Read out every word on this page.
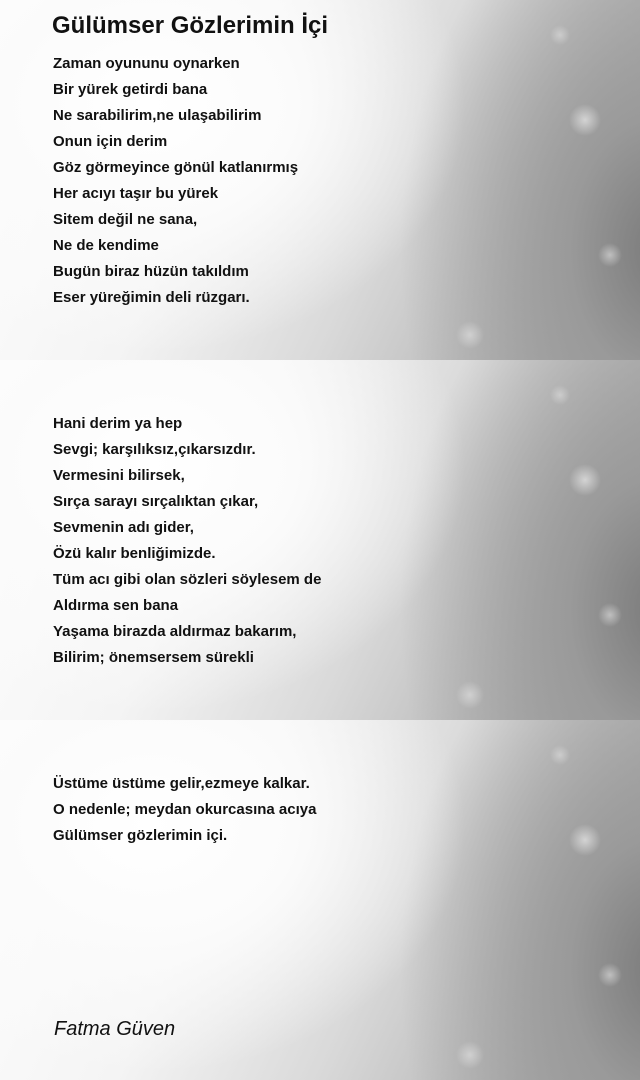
Gülümser Gözlerimin İçi
Zaman oyununu oynarken
Bir yürek getirdi bana
Ne sarabilirim,ne ulaşabilirim
Onun için derim
Göz görmeyince gönül katlanırmış
Her acıyı taşır bu yürek
Sitem değil ne sana,
Ne de kendime
Bugün biraz hüzün takıldım
Eser yüreğimin deli rüzgarı.
Hani derim ya hep
Sevgi; karşılıksız,çıkarsızdır.
Vermesini bilirsek,
Sırça sarayı sırçalıktan çıkar,
Sevmenin adı gider,
Özü kalır benliğimizde.
Tüm acı gibi olan sözleri söylesem de
Aldırma sen bana
Yaşama birazda aldırmaz bakarım,
Bilirim; önemsersem sürekli
Üstüme üstüme gelir,ezmeye kalkar.
O nedenle; meydan okurcasına acıya
Gülümser gözlerimin içi.
Fatma Güven
